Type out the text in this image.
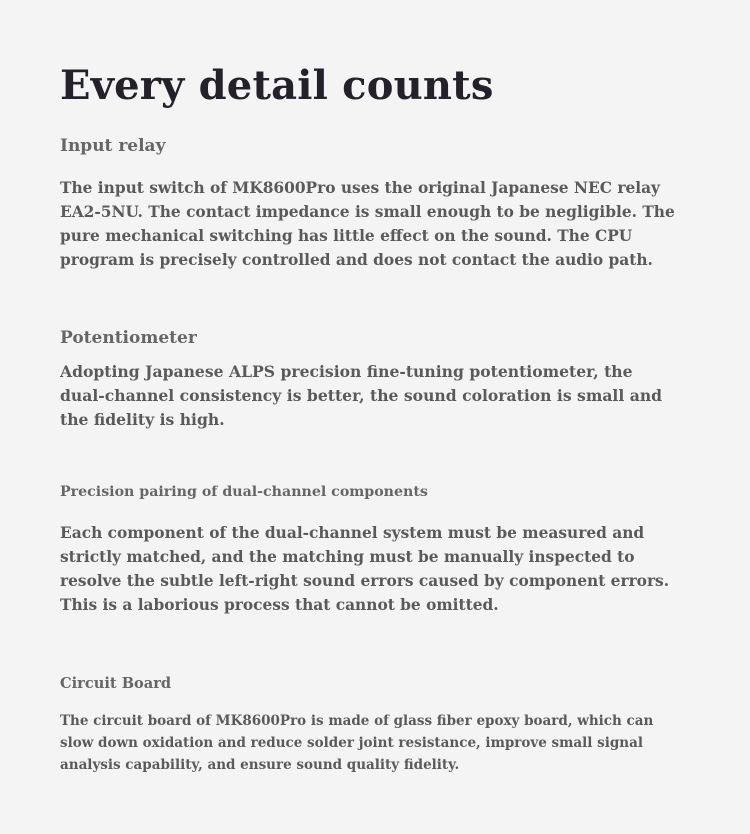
Every detail counts
Input relay
The input switch of MK8600Pro uses the original Japanese NEC relay
EA2-5NU. The contact impedance is small enough to be negligible. The
pure mechanical switching has little effect on the sound. The CPU
program is precisely controlled and does not contact the audio path.
Potentiometer
Adopting Japanese ALPS precision fine-tuning potentiometer, the
dual-channel consistency is better, the sound coloration is small and
the fidelity is high.
Precision pairing of dual-channel components
Each component of the dual-channel system must be measured and
strictly matched, and the matching must be manually inspected to
resolve the subtle left-right sound errors caused by component errors.
This is a laborious process that cannot be omitted.
Circuit Board
The circuit board of MK8600Pro is made of glass fiber epoxy board, which can
slow down oxidation and reduce solder joint resistance, improve small signal
analysis capability, and ensure sound quality fidelity.
